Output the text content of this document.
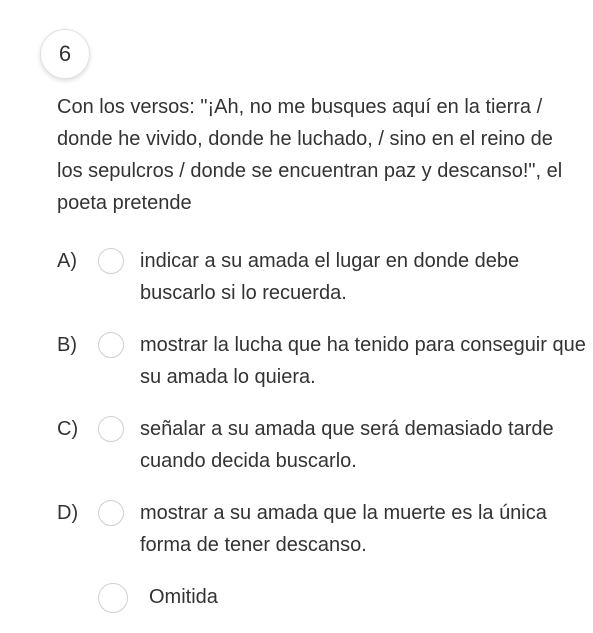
6

Con los versos: "¡Ah, no me busques aquí en la tierra / donde he vivido, donde he luchado, / sino en el reino de los sepulcros / donde se encuentran paz y descanso!", el poeta pretende

A)	indicar a su amada el lugar en donde debe buscarlo si lo recuerda.
B)	mostrar la lucha que ha tenido para conseguir que su amada lo quiera.
C)	señalar a su amada que será demasiado tarde cuando decida buscarlo.
D)	mostrar a su amada que la muerte es la única forma de tener descanso.
Omitida
